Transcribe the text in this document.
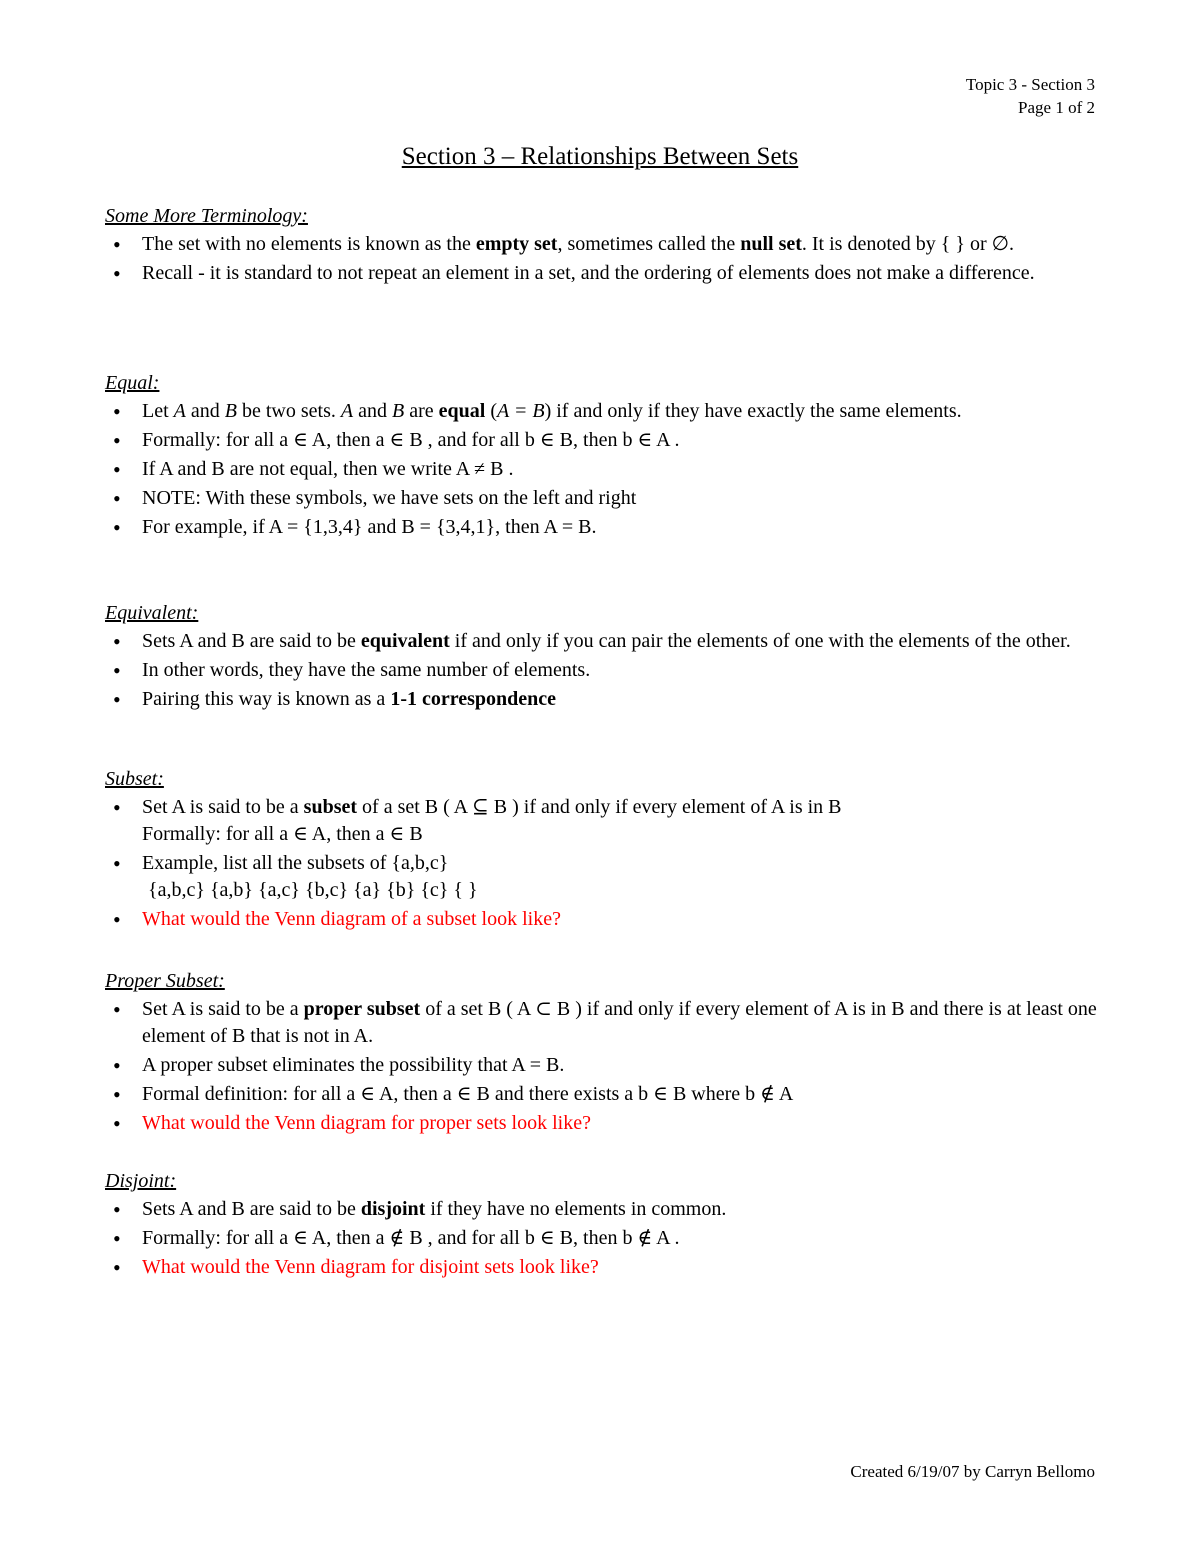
Topic 3 - Section 3
Page 1 of 2
Section 3 – Relationships Between Sets
Some More Terminology:
• The set with no elements is known as the empty set, sometimes called the null set. It is denoted by { } or ∅.
• Recall - it is standard to not repeat an element in a set, and the ordering of elements does not make a difference.
Equal:
• Let A and B be two sets. A and B are equal (A = B) if and only if they have exactly the same elements.
• Formally: for all a ∈ A, then a ∈ B , and for all b ∈ B, then b ∈ A .
• If A and B are not equal, then we write A ≠ B .
• NOTE: With these symbols, we have sets on the left and right
• For example, if A = {1,3,4} and B = {3,4,1}, then A = B.
Equivalent:
• Sets A and B are said to be equivalent if and only if you can pair the elements of one with the elements of the other.
• In other words, they have the same number of elements.
• Pairing this way is known as a 1-1 correspondence
Subset:
• Set A is said to be a subset of a set B ( A ⊆ B ) if and only if every element of A is in B
Formally: for all a ∈ A, then a ∈ B
• Example, list all the subsets of {a,b,c}
{a,b,c} {a,b} {a,c} {b,c} {a} {b} {c} { }
• What would the Venn diagram of a subset look like?
Proper Subset:
• Set A is said to be a proper subset of a set B ( A ⊂ B ) if and only if every element of A is in B and there is at least one element of B that is not in A.
• A proper subset eliminates the possibility that A = B.
• Formal definition: for all a ∈ A, then a ∈ B and there exists a b ∈ B where b ∉ A
• What would the Venn diagram for proper sets look like?
Disjoint:
• Sets A and B are said to be disjoint if they have no elements in common.
• Formally: for all a ∈ A, then a ∉ B , and for all b ∈ B, then b ∉ A .
• What would the Venn diagram for disjoint sets look like?
Created 6/19/07 by Carryn Bellomo
